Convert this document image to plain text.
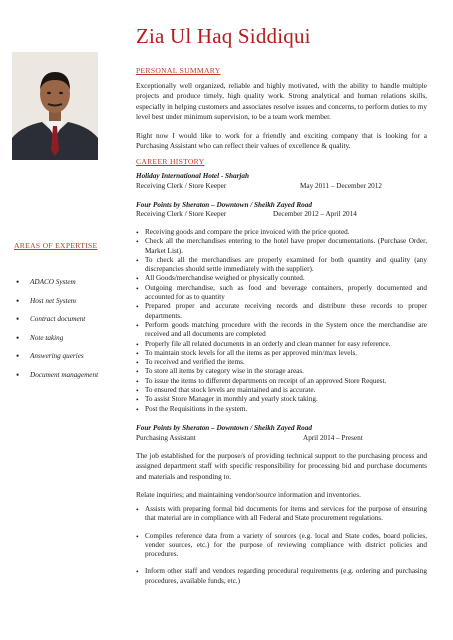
Zia Ul Haq Siddiqui
PERSONAL SUMMARY

Exceptionally well organized, reliable and highly motivated, with the ability to handle multiple projects and produce timely, high quality work. Strong analytical and human relations skills, especially in helping customers and associates resolve issues and concerns, to perform duties to my level best under minimum supervision, to be a team work member.

Right now I would like to work for a friendly and exciting company that is looking for a Purchasing Assistant who can reflect their values of excellence & quality.

CAREER HISTORY
Holiday International Hotel - Sharjah
Receiving Clerk / Store Keeper	May 2011 – December 2012
Four Points by Sheraton – Downtown / Sheikh Zayed Road
Receiving Clerk / Store Keeper	December 2012 – April 2014
AREAS OF EXPERTISE
• ADACO System
• Host net System
• Contract document
• Note taking
• Answering queries
• Document management
• Receiving goods and compare the price invoiced with the price quoted.
• Check all the merchandises entering to the hotel have proper documentations. (Purchase Order, Market List).
• To check all the merchandises are properly examined for both quantity and quality (any discrepancies should settle immediately with the supplier).
• All Goods/merchandise weighed or physically counted.
• Outgoing merchandise, such as food and beverage containers, properly documented and accounted for as to quantity
• Prepared proper and accurate receiving records and distribute these records to proper departments.
• Perform goods matching procedure with the records in the System once the merchandise are received and all documents are completed
• Properly file all related documents in an orderly and clean manner for easy reference.
• To maintain stock levels for all the items as per approved min/max levels.
• To received and verified the items.
• To store all items by category wise in the storage areas.
• To issue the items to different departments on receipt of an approved Store Request.
• To ensured that stock levels are maintained and is accurate.
• To assist Store Manager in monthly and yearly stock taking.
• Post the Requisitions in the system.
Four Points by Sheraton – Downtown / Sheikh Zayed Road
Purchasing Assistant	April 2014 – Present

The job established for the purpose/s of providing technical support to the purchasing process and assigned department staff with specific responsibility for processing bid and purchase documents and materials and responding to.

Relate inquiries; and maintaining vendor/source information and inventories.

• Assists with preparing formal bid documents for items and services for the purpose of ensuring that material are in compliance with all Federal and State procurement regulations.
• Compiles reference data from a variety of sources (e.g. local and State codes, board policies, vender sources, etc.) for the purpose of reviewing compliance with district policies and procedures.
• Inform other staff and vendors regarding procedural requirements (e.g. ordering and purchasing procedures, available funds, etc.)
